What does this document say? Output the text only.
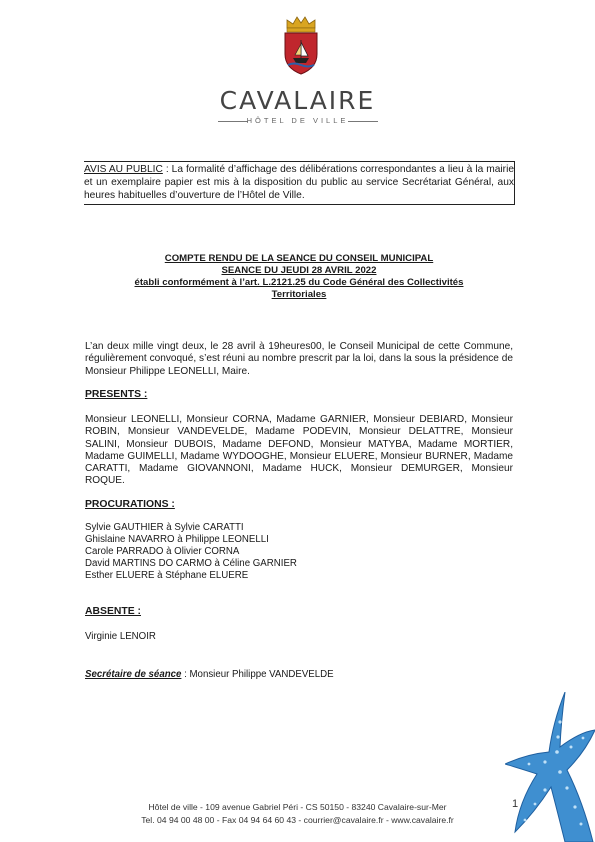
CAVALAIRE
HÔTEL DE VILLE
AVIS AU PUBLIC : La formalité d’affichage des délibérations correspondantes a lieu à la mairie et un exemplaire papier est mis à la disposition du public au service Secrétariat Général, aux heures habituelles d’ouverture de l’Hôtel de Ville.
COMPTE RENDU DE LA SEANCE DU CONSEIL MUNICIPAL
SEANCE DU JEUDI 28 AVRIL 2022
établi conformément à l’art. L.2121.25 du Code Général des Collectivités
Territoriales
L’an deux mille vingt deux, le 28 avril à 19heures00, le Conseil Municipal de cette Commune, régulièrement convoqué, s’est réuni au nombre prescrit par la loi, dans la sous la présidence de Monsieur Philippe LEONELLI, Maire.
PRESENTS :
Monsieur LEONELLI, Monsieur CORNA, Madame GARNIER, Monsieur DEBIARD, Monsieur ROBIN, Monsieur VANDEVELDE, Madame PODEVIN, Monsieur DELATTRE, Monsieur SALINI, Monsieur DUBOIS, Madame DEFOND, Monsieur MATYBA, Madame MORTIER, Madame GUIMELLI, Madame WYDOOGHE, Monsieur ELUERE, Monsieur BURNER, Madame CARATTI, Madame GIOVANNONI, Madame HUCK, Monsieur DEMURGER, Monsieur ROQUE.
PROCURATIONS :
Sylvie GAUTHIER à Sylvie CARATTI
Ghislaine NAVARRO à Philippe LEONELLI
Carole PARRADO à Olivier CORNA
David MARTINS DO CARMO à Céline GARNIER
Esther ELUERE à Stéphane ELUERE
ABSENTE :
Virginie LENOIR
Secrétaire de séance : Monsieur Philippe VANDEVELDE
1
Hôtel de ville - 109 avenue Gabriel Péri - CS 50150 - 83240 Cavalaire-sur-Mer
Tel. 04 94 00 48 00 - Fax 04 94 64 60 43 - courrier@cavalaire.fr - www.cavalaire.fr
